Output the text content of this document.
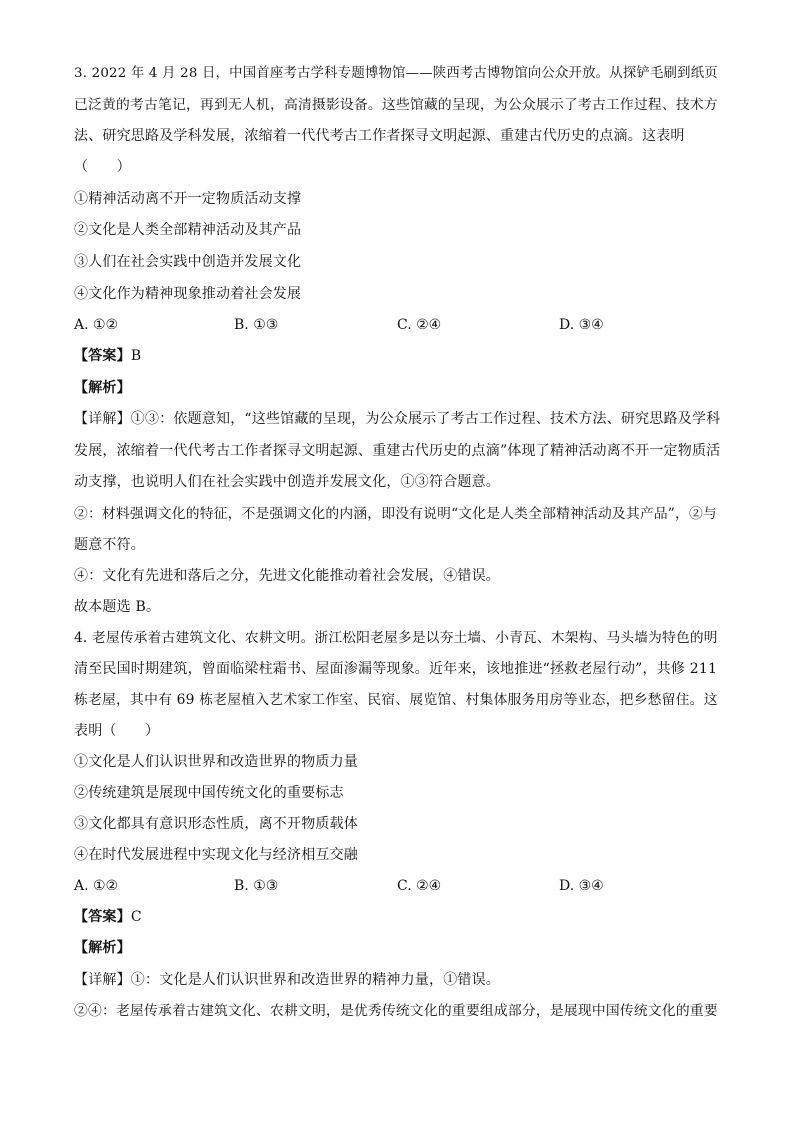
3. 2022 年 4 月 28 日，中国首座考古学科专题博物馆——陕西考古博物馆向公众开放。从探铲毛刷到纸页
已泛黄的考古笔记，再到无人机，高清摄影设备。这些馆藏的呈现，为公众展示了考古工作过程、技术方
法、研究思路及学科发展，浓缩着一代代考古工作者探寻文明起源、重建古代历史的点滴。这表明
（　　）
①精神活动离不开一定物质活动支撑
②文化是人类全部精神活动及其产品
③人们在社会实践中创造并发展文化
④文化作为精神现象推动着社会发展
A. ①②	B. ①③	C. ②④	D. ③④
【答案】B
【解析】
【详解】①③：依题意知，“这些馆藏的呈现，为公众展示了考古工作过程、技术方法、研究思路及学科
发展，浓缩着一代代考古工作者探寻文明起源、重建古代历史的点滴”体现了精神活动离不开一定物质活
动支撑，也说明人们在社会实践中创造并发展文化，①③符合题意。
②：材料强调文化的特征，不是强调文化的内涵，即没有说明“文化是人类全部精神活动及其产品”，②与
题意不符。
④：文化有先进和落后之分，先进文化能推动着社会发展，④错误。
故本题选 B。
4. 老屋传承着古建筑文化、农耕文明。浙江松阳老屋多是以夯土墙、小青瓦、木架构、马头墙为特色的明
清至民国时期建筑，曾面临梁柱霜书、屋面渗漏等现象。近年来，该地推进“拯救老屋行动”，共修 211
栋老屋，其中有 69 栋老屋植入艺术家工作室、民宿、展览馆、村集体服务用房等业态，把乡愁留住。这
表明（　　）
①文化是人们认识世界和改造世界的物质力量
②传统建筑是展现中国传统文化的重要标志
③文化都具有意识形态性质，离不开物质载体
④在时代发展进程中实现文化与经济相互交融
A. ①②	B. ①③	C. ②④	D. ③④
【答案】C
【解析】
【详解】①：文化是人们认识世界和改造世界的精神力量，①错误。
②④：老屋传承着古建筑文化、农耕文明，是优秀传统文化的重要组成部分，是展现中国传统文化的重要
